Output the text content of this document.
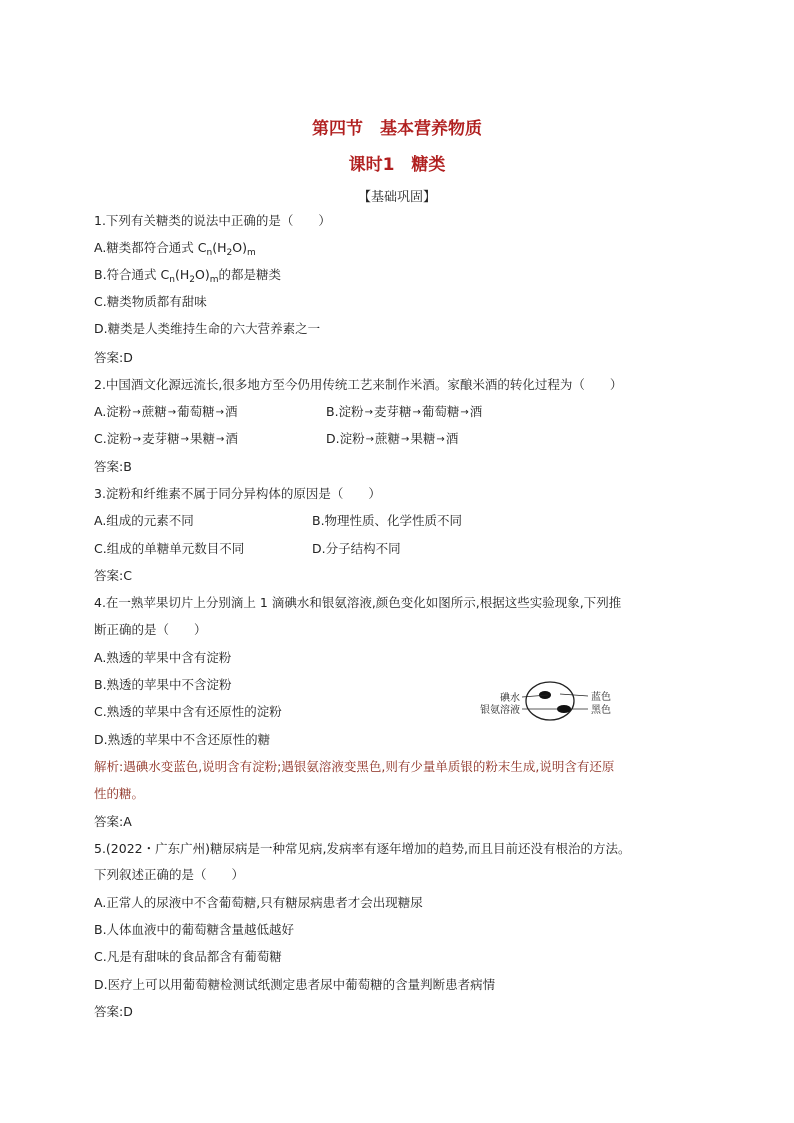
第四节　基本营养物质
课时1　糖类
【基础巩固】
1.下列有关糖类的说法中正确的是（　　）
A.糖类都符合通式 $C_n(H_2O)_m$
B.符合通式 $C_n(H_2O)_m$的都是糖类
C.糖类物质都有甜味
D.糖类是人类维持生命的六大营养素之一
答案:D
2.中国酒文化源远流长,很多地方至今仍用传统工艺来制作米酒。家酿米酒的转化过程为（　　）
A.淀粉→蔗糖→葡萄糖→酒	B.淀粉→麦芽糖→葡萄糖→酒
C.淀粉→麦芽糖→果糖→酒	D.淀粉→蔗糖→果糖→酒
答案:B
3.淀粉和纤维素不属于同分异构体的原因是（　　）
A.组成的元素不同	B.物理性质、化学性质不同
C.组成的单糖单元数目不同	D.分子结构不同
答案:C
4.在一熟苹果切片上分别滴上 1 滴碘水和银氨溶液,颜色变化如图所示,根据这些实验现象,下列推
断正确的是（　　）
A.熟透的苹果中含有淀粉
B.熟透的苹果中不含淀粉
C.熟透的苹果中含有还原性的淀粉
D.熟透的苹果中不含还原性的糖
碘水
银氨溶液
蓝色
黑色
解析:遇碘水变蓝色,说明含有淀粉;遇银氨溶液变黑色,则有少量单质银的粉末生成,说明含有还原
性的糖。
答案:A
5.(2022・广东广州)糖尿病是一种常见病,发病率有逐年增加的趋势,而且目前还没有根治的方法。
下列叙述正确的是（　　）
A.正常人的尿液中不含葡萄糖,只有糖尿病患者才会出现糖尿
B.人体血液中的葡萄糖含量越低越好
C.凡是有甜味的食品都含有葡萄糖
D.医疗上可以用葡萄糖检测试纸测定患者尿中葡萄糖的含量判断患者病情
答案:D
